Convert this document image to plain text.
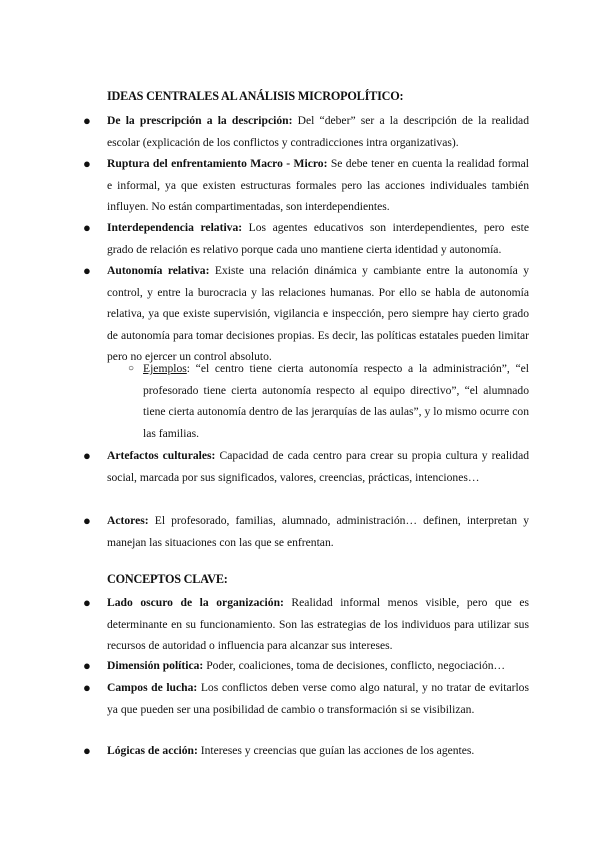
IDEAS CENTRALES AL ANÁLISIS MICROPOLÍTICO:
● De la prescripción a la descripción: Del “deber” ser a la descripción de la realidad escolar (explicación de los conflictos y contradicciones intra organizativas).

● Ruptura del enfrentamiento Macro - Micro: Se debe tener en cuenta la realidad formal e informal, ya que existen estructuras formales pero las acciones individuales también influyen. No están compartimentadas, son interdependientes.

● Interdependencia relativa: Los agentes educativos son interdependientes, pero este grado de relación es relativo porque cada uno mantiene cierta identidad y autonomía.

● Autonomía relativa: Existe una relación dinámica y cambiante entre la autonomía y control, y entre la burocracia y las relaciones humanas. Por ello se habla de autonomía relativa, ya que existe supervisión, vigilancia e inspección, pero siempre hay cierto grado de autonomía para tomar decisiones propias. Es decir, las políticas estatales pueden limitar pero no ejercer un control absoluto.

○ Ejemplos: “el centro tiene cierta autonomía respecto a la administración”, “el profesorado tiene cierta autonomía respecto al equipo directivo”, “el alumnado tiene cierta autonomía dentro de las jerarquías de las aulas”, y lo mismo ocurre con las familias.

● Artefactos culturales: Capacidad de cada centro para crear su propia cultura y realidad social, marcada por sus significados, valores, creencias, prácticas, intenciones…

● Actores: El profesorado, familias, alumnado, administración… definen, interpretan y manejan las situaciones con las que se enfrentan.

CONCEPTOS CLAVE:
● Lado oscuro de la organización: Realidad informal menos visible, pero que es determinante en su funcionamiento. Son las estrategias de los individuos para utilizar sus recursos de autoridad o influencia para alcanzar sus intereses.

● Dimensión política: Poder, coaliciones, toma de decisiones, conflicto, negociación…

● Campos de lucha: Los conflictos deben verse como algo natural, y no tratar de evitarlos ya que pueden ser una posibilidad de cambio o transformación si se visibilizan.

● Lógicas de acción: Intereses y creencias que guían las acciones de los agentes.
